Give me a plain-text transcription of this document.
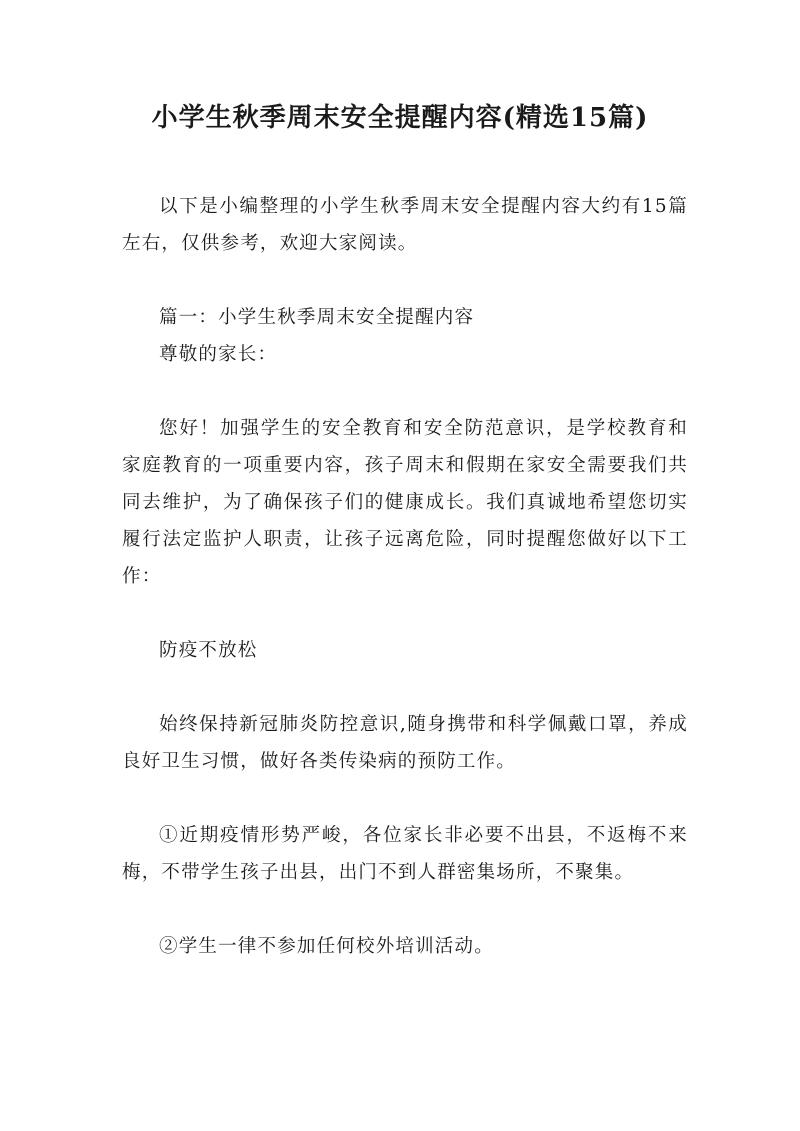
小学生秋季周末安全提醒内容(精选15篇)

以下是小编整理的小学生秋季周末安全提醒内容大约有15篇左右，仅供参考，欢迎大家阅读。

篇一：小学生秋季周末安全提醒内容

尊敬的家长：

您好！加强学生的安全教育和安全防范意识，是学校教育和家庭教育的一项重要内容，孩子周末和假期在家安全需要我们共同去维护，为了确保孩子们的健康成长。我们真诚地希望您切实履行法定监护人职责，让孩子远离危险，同时提醒您做好以下工作：

防疫不放松

始终保持新冠肺炎防控意识,随身携带和科学佩戴口罩，养成良好卫生习惯，做好各类传染病的预防工作。

①近期疫情形势严峻，各位家长非必要不出县，不返梅不来梅，不带学生孩子出县，出门不到人群密集场所，不聚集。

②学生一律不参加任何校外培训活动。
